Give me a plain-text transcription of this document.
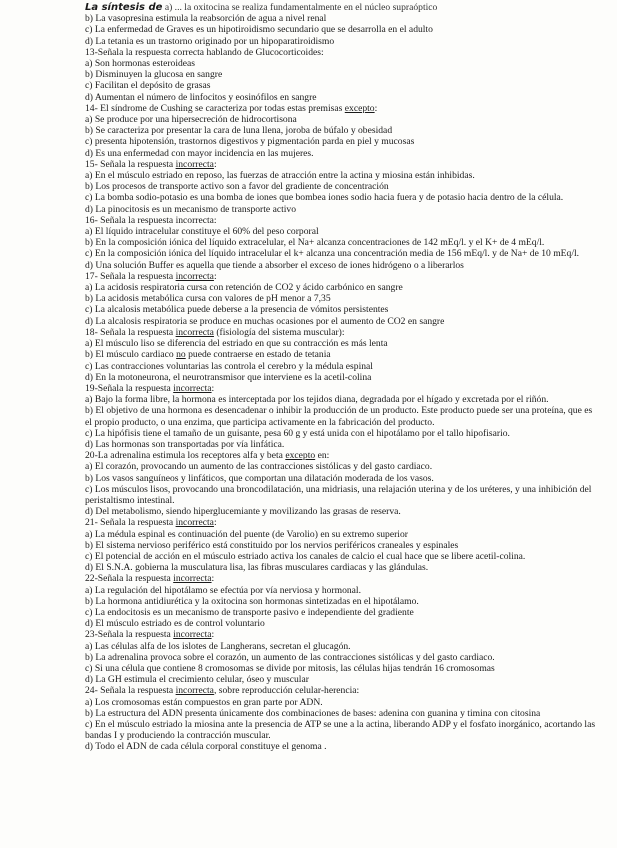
La síntesis de a) ... la oxitocina se realiza fundamentalmente en el núcleo supraóptico

b) La vasopresina estimula la reabsorción de agua a nivel renal

c) La enfermedad de Graves es un hipotiroidismo secundario que se desarrolla en el adulto

d) La tetania es un trastorno originado por un hipoparatiroidismo

13-Señala la respuesta correcta hablando de Glucocorticoides:

a) Son hormonas esteroideas

b) Disminuyen la glucosa en sangre

c) Facilitan el depósito de grasas

d) Aumentan el número de linfocitos y eosinófilos en sangre

14- El síndrome de Cushing se caracteriza por todas estas premisas excepto:

a) Se produce por una hipersecreción de hidrocortisona

b) Se caracteriza por presentar la cara de luna llena, joroba de búfalo y obesidad

c) presenta hipotensión, trastornos digestivos y pigmentación parda en piel y mucosas

d) Es una enfermedad con mayor incidencia en las mujeres.

15- Señala la respuesta incorrecta:

a) En el músculo estriado en reposo, las fuerzas de atracción entre la actina y miosina están inhibidas.

b) Los procesos de transporte activo son a favor del gradiente de concentración

c) La bomba sodio-potasio es una bomba de iones que bombea iones sodio hacia fuera y de potasio hacia dentro de la célula.

d) La pinocitosis es un mecanismo de transporte activo

16- Señala la respuesta incorrecta:

a) El líquido intracelular constituye el 60% del peso corporal

b) En la composición iónica del líquido extracelular, el Na+ alcanza concentraciones de 142 mEq/l. y el K+ de 4 mEq/l.

c) En la composición iónica del líquido intracelular el k+ alcanza una concentración media de 156 mEq/l. y de Na+ de 10 mEq/l.

d) Una solución Buffer es aquella que tiende a absorber el exceso de iones hidrógeno o a liberarlos

17- Señala la respuesta incorrecta:

a) La acidosis respiratoria cursa con retención de CO2 y ácido carbónico en sangre

b) La acidosis metabólica cursa con valores de pH menor a 7,35

c) La alcalosis metabólica puede deberse a la presencia de vómitos persistentes

d) La alcalosis respiratoria se produce en muchas ocasiones por el aumento de CO2 en sangre

18- Señala la respuesta incorrecta (fisiología del sistema muscular):

a) El músculo liso se diferencia del estriado en que su contracción es más lenta

b) El músculo cardiaco no puede contraerse en estado de tetania

c) Las contracciones voluntarias las controla el cerebro y la médula espinal

d) En la motoneurona, el neurotransmisor que interviene es la acetil-colina

19-Señala la respuesta incorrecta:

a) Bajo la forma libre, la hormona es interceptada por los tejidos diana, degradada por el hígado y excretada por el riñón.

b) El objetivo de una hormona es desencadenar o inhibir la producción de un producto. Este producto puede ser una proteína, que es el propio producto, o una enzima, que participa activamente en la fabricación del producto.

c) La hipófisis tiene el tamaño de un guisante, pesa 60 g y está unida con el hipotálamo por el tallo hipofisario.

d) Las hormonas son transportadas por vía linfática.

20-La adrenalina estimula los receptores alfa y beta excepto en:

a) El corazón, provocando un aumento de las contracciones sistólicas y del gasto cardiaco.

b) Los vasos sanguíneos y linfáticos, que comportan una dilatación moderada de los vasos.

c) Los músculos lisos, provocando una broncodilatación, una midriasis, una relajación uterina y de los uréteres, y una inhibición del peristaltismo intestinal.

d) Del metabolismo, siendo hiperglucemiante y movilizando las grasas de reserva.

21- Señala la respuesta incorrecta:

a) La médula espinal es continuación del puente (de Varolio) en su extremo superior

b) El sistema nervioso periférico está constituido por los nervios periféricos craneales y espinales

c) El potencial de acción en el músculo estriado activa los canales de calcio el cual hace que se libere acetil-colina.

d) El S.N.A. gobierna la musculatura lisa, las fibras musculares cardiacas y las glándulas.

22-Señala la respuesta incorrecta:

a) La regulación del hipotálamo se efectúa por vía nerviosa y hormonal.

b) La hormona antidiurética y la oxitocina son hormonas sintetizadas en el hipotálamo.

c) La endocitosis es un mecanismo de transporte pasivo e independiente del gradiente

d) El músculo estriado es de control voluntario

23-Señala la respuesta incorrecta:

a) Las células alfa de los islotes de Langherans, secretan el glucagón.

b) La adrenalina provoca sobre el corazón, un aumento de las contracciones sistólicas y del gasto cardiaco.

c) Si una célula que contiene 8 cromosomas se divide por mitosis, las células hijas tendrán 16 cromosomas

d) La GH estimula el crecimiento celular, óseo y muscular

24- Señala la respuesta incorrecta, sobre reproducción celular-herencia:

a) Los cromosomas están compuestos en gran parte por ADN.

b) La estructura del ADN presenta únicamente dos combinaciones de bases: adenina con guanina y timina con citosina

c) En el músculo estriado la miosina ante la presencia de ATP se une a la actina, liberando ADP y el fosfato inorgánico, acortando las bandas I y produciendo la contracción muscular.

d) Todo el ADN de cada célula corporal constituye el genoma .
